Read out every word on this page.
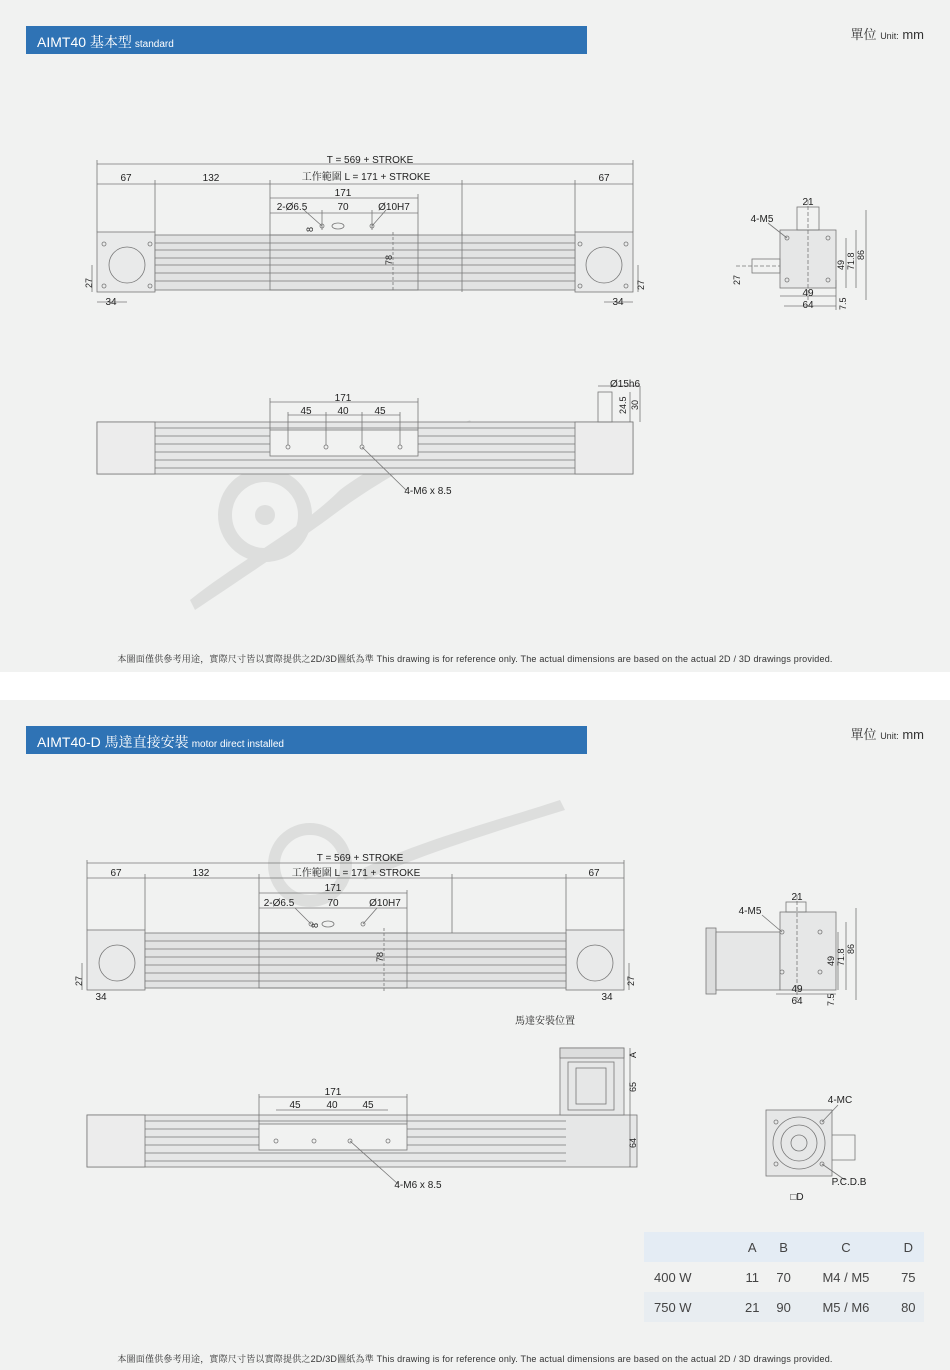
AIMT40 基本型 standard
單位 Unit: mm
T = 569 + STROKE
工作範圍 L = 171 + STROKE
67	132	67
171
2-Ø6.5	70	Ø10H7
8
78
27	27
34	34
4-M5
21
49 71.8 86
27
49
64	7.5
171
45	40	45
Ø15h6
24.5 30
4-M6 x 8.5
本圖面僅供參考用途，實際尺寸皆以實際提供之2D/3D圖紙為準 This drawing is for reference only. The actual dimensions are based on the actual 2D / 3D drawings provided.
AIMT40-D 馬達直接安裝 motor direct installed
單位 Unit: mm
T = 569 + STROKE
工作範圍 L = 171 + STROKE
67	132	67
171
2-Ø6.5	70	Ø10H7
8
78
27	27
34	34
4-M5
21
49 71.8 86
49
64	7.5
馬達安裝位置
A
65
64
171
45	40 45
4-M6 x 8.5
4-MC
P.C.D.B
□D
	A	B	C	D
400 W	11	70	M4 / M5	75
750 W	21	90	M5 / M6	80
本圖面僅供參考用途，實際尺寸皆以實際提供之2D/3D圖紙為準 This drawing is for reference only. The actual dimensions are based on the actual 2D / 3D drawings provided.
